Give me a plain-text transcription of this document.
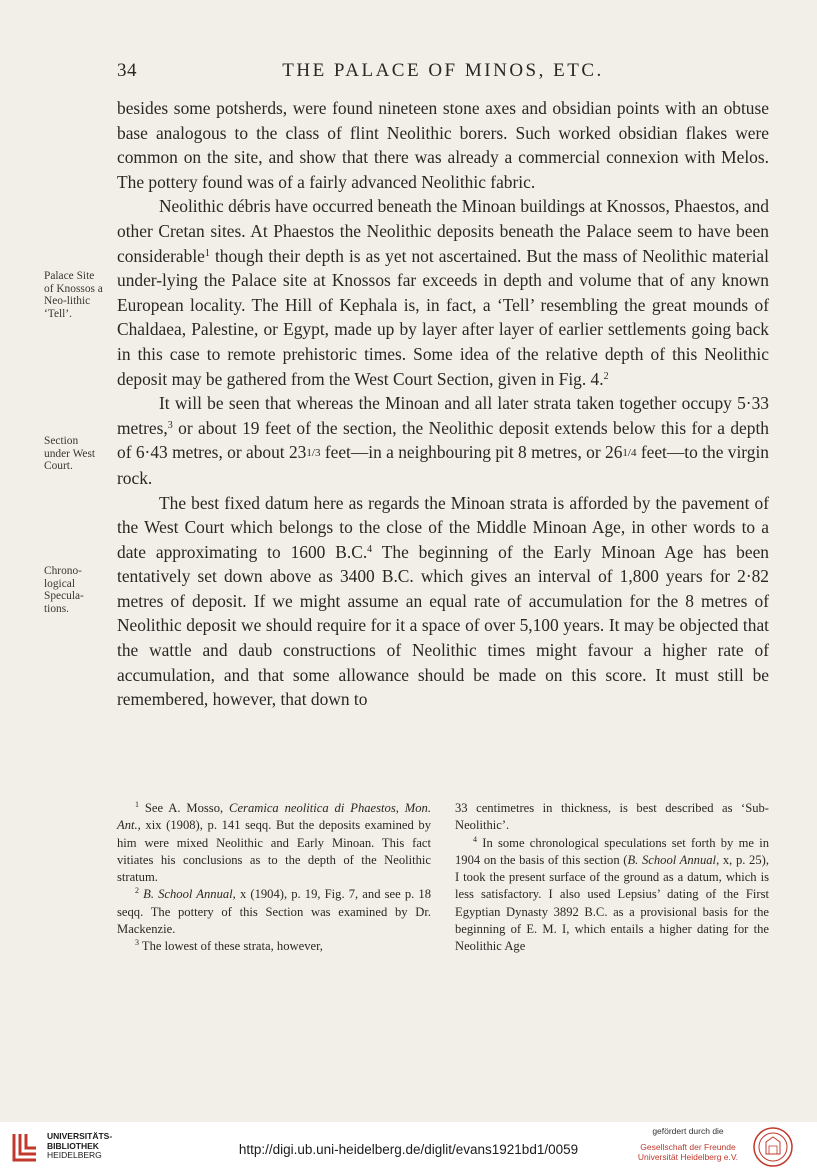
34	THE PALACE OF MINOS, ETC.
Palace Site of Knossos a Neo-lithic ‘Tell’.
Section under West Court.
Chrono-logical Specula-tions.

besides some potsherds, were found nineteen stone axes and obsidian points with an obtuse base analogous to the class of flint Neolithic borers. Such worked obsidian flakes were common on the site, and show that there was already a commercial connexion with Melos. The pottery found was of a fairly advanced Neolithic fabric.

Neolithic débris have occurred beneath the Minoan buildings at Knossos, Phaestos, and other Cretan sites. At Phaestos the Neolithic deposits beneath the Palace seem to have been considerable$^1$ though their depth is as yet not ascertained. But the mass of Neolithic material under-lying the Palace site at Knossos far exceeds in depth and volume that of any known European locality. The Hill of Kephala is, in fact, a ‘Tell’ resembling the great mounds of Chaldaea, Palestine, or Egypt, made up by layer after layer of earlier settlements going back in this case to remote prehistoric times. Some idea of the relative depth of this Neolithic deposit may be gathered from the West Court Section, given in Fig. 4.$^2$

It will be seen that whereas the Minoan and all later strata taken together occupy 5·33 metres,$^3$ or about 19 feet of the section, the Neolithic deposit extends below this for a depth of 6·43 metres, or about 231/3 feet—in a neighbouring pit 8 metres, or 261/4 feet—to the virgin rock.

The best fixed datum here as regards the Minoan strata is afforded by the pavement of the West Court which belongs to the close of the Middle Minoan Age, in other words to a date approximating to 1600 B.C.$^4$ The beginning of the Early Minoan Age has been tentatively set down above as 3400 B.C. which gives an interval of 1,800 years for 2·82 metres of deposit. If we might assume an equal rate of accumulation for the 8 metres of Neolithic deposit we should require for it a space of over 5,100 years. It may be objected that the wattle and daub constructions of Neolithic times might favour a higher rate of accumulation, and that some allowance should be made on this score. It must still be remembered, however, that down to

$^1$ See A. Mosso, Ceramica neolitica di Phaestos, Mon. Ant., xix (1908), p. 141 seqq. But the deposits examined by him were mixed Neolithic and Early Minoan. This fact vitiates his conclusions as to the depth of the Neolithic stratum.

$^2$ B. School Annual, x (1904), p. 19, Fig. 7, and see p. 18 seqq. The pottery of this Section was examined by Dr. Mackenzie.

$^3$ The lowest of these strata, however,

33 centimetres in thickness, is best described as ‘Sub-Neolithic’.

$^4$ In some chronological speculations set forth by me in 1904 on the basis of this section (B. School Annual, x, p. 25), I took the present surface of the ground as a datum, which is less satisfactory. I also used Lepsius’ dating of the First Egyptian Dynasty 3892 B.C. as a provisional basis for the beginning of E. M. I, which entails a higher dating for the Neolithic Age

UNIVERSITÄTS-
BIBLIOTHEK
HEIDELBERG	http://digi.ub.uni-heidelberg.de/diglit/evans1921bd1/0059
gefördert durch die
Gesellschaft der Freunde
Universität Heidelberg e.V.
